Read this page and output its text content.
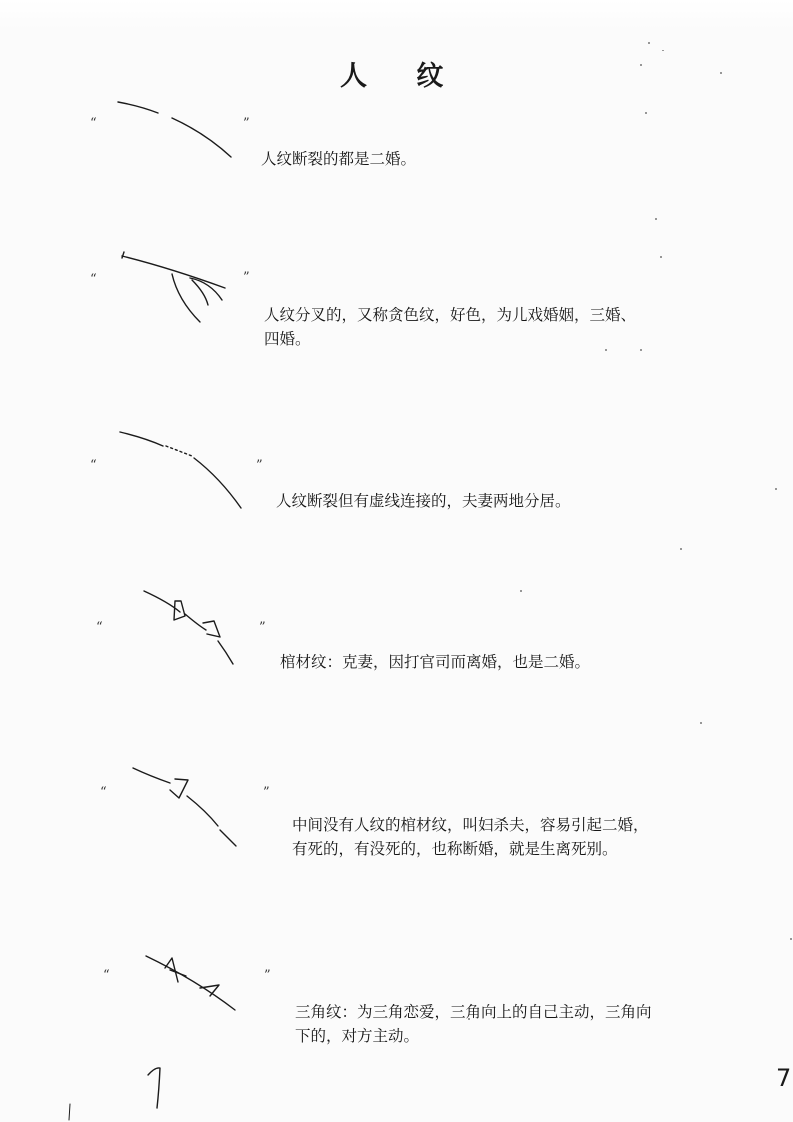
人 纹
“	”

人纹断裂的都是二婚。

“	”

人纹分叉的，又称贪色纹，好色，为儿戏婚姻，三婚、

四婚。

“	”

人纹断裂但有虚线连接的，夫妻两地分居。

“	”

棺材纹：克妻，因打官司而离婚，也是二婚。

“	”

中间没有人纹的棺材纹，叫妇杀夫，容易引起二婚，

有死的，有没死的，也称断婚，就是生离死别。

“	”

三角纹：为三角恋爱，三角向上的自己主动，三角向

下的，对方主动。

7
